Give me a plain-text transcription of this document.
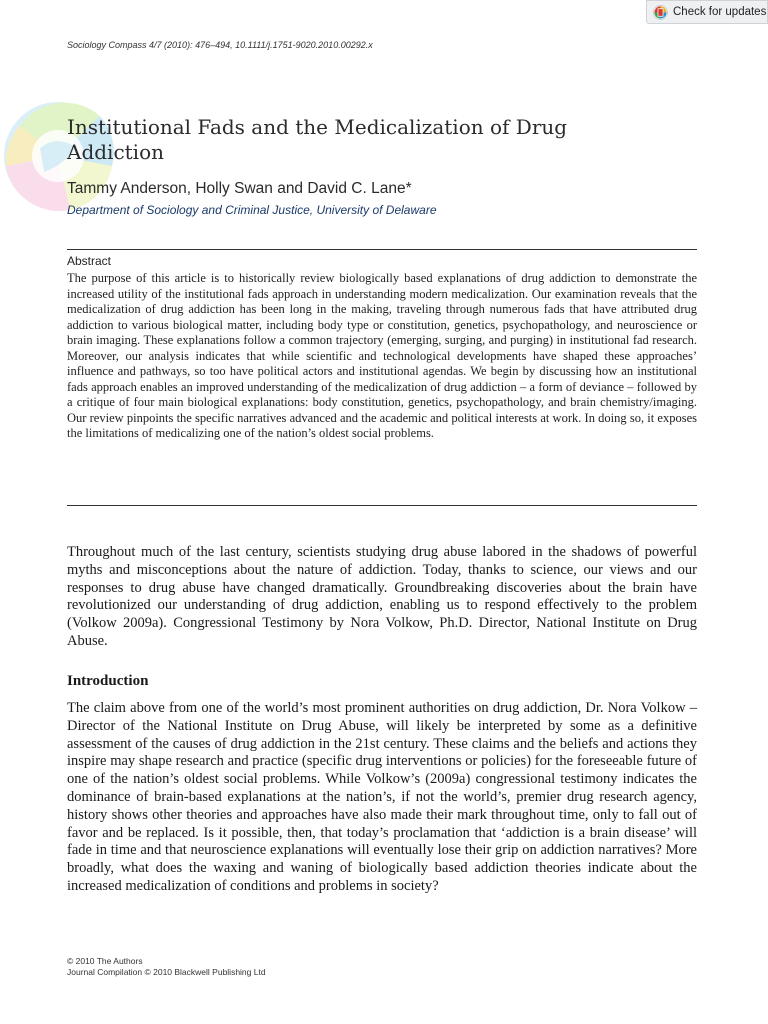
Check for updates
Sociology Compass 4/7 (2010): 476–494, 10.1111/j.1751-9020.2010.00292.x
Institutional Fads and the Medicalization of Drug Addiction
Tammy Anderson, Holly Swan and David C. Lane*
Department of Sociology and Criminal Justice, University of Delaware
Abstract

The purpose of this article is to historically review biologically based explanations of drug addiction to demonstrate the increased utility of the institutional fads approach in understanding modern medicalization. Our examination reveals that the medicalization of drug addiction has been long in the making, traveling through numerous fads that have attributed drug addiction to various biological matter, including body type or constitution, genetics, psychopathology, and neuroscience or brain imaging. These explanations follow a common trajectory (emerging, surging, and purging) in institutional fad research. Moreover, our analysis indicates that while scientific and technological developments have shaped these approaches’ influence and pathways, so too have political actors and institutional agendas. We begin by discussing how an institutional fads approach enables an improved understanding of the medicalization of drug addiction – a form of deviance – followed by a critique of four main biological explanations: body constitution, genetics, psychopathology, and brain chemistry/imaging. Our review pinpoints the specific narratives advanced and the academic and political interests at work. In doing so, it exposes the limitations of medicalizing one of the nation’s oldest social problems.

Throughout much of the last century, scientists studying drug abuse labored in the shadows of powerful myths and misconceptions about the nature of addiction. Today, thanks to science, our views and our responses to drug abuse have changed dramatically. Groundbreaking discoveries about the brain have revolutionized our understanding of drug addiction, enabling us to respond effectively to the problem (Volkow 2009a). Congressional Testimony by Nora Volkow, Ph.D. Director, National Institute on Drug Abuse.

Introduction

The claim above from one of the world’s most prominent authorities on drug addiction, Dr. Nora Volkow – Director of the National Institute on Drug Abuse, will likely be interpreted by some as a definitive assessment of the causes of drug addiction in the 21st century. These claims and the beliefs and actions they inspire may shape research and practice (specific drug interventions or policies) for the foreseeable future of one of the nation’s oldest social problems. While Volkow’s (2009a) congressional testimony indicates the dominance of brain-based explanations at the nation’s, if not the world’s, premier drug research agency, history shows other theories and approaches have also made their mark throughout time, only to fall out of favor and be replaced. Is it possible, then, that today’s proclamation that ‘addiction is a brain disease’ will fade in time and that neuroscience explanations will eventually lose their grip on addiction narratives? More broadly, what does the waxing and waning of biologically based addiction theories indicate about the increased medicalization of conditions and problems in society?

© 2010 The Authors
Journal Compilation © 2010 Blackwell Publishing Ltd
